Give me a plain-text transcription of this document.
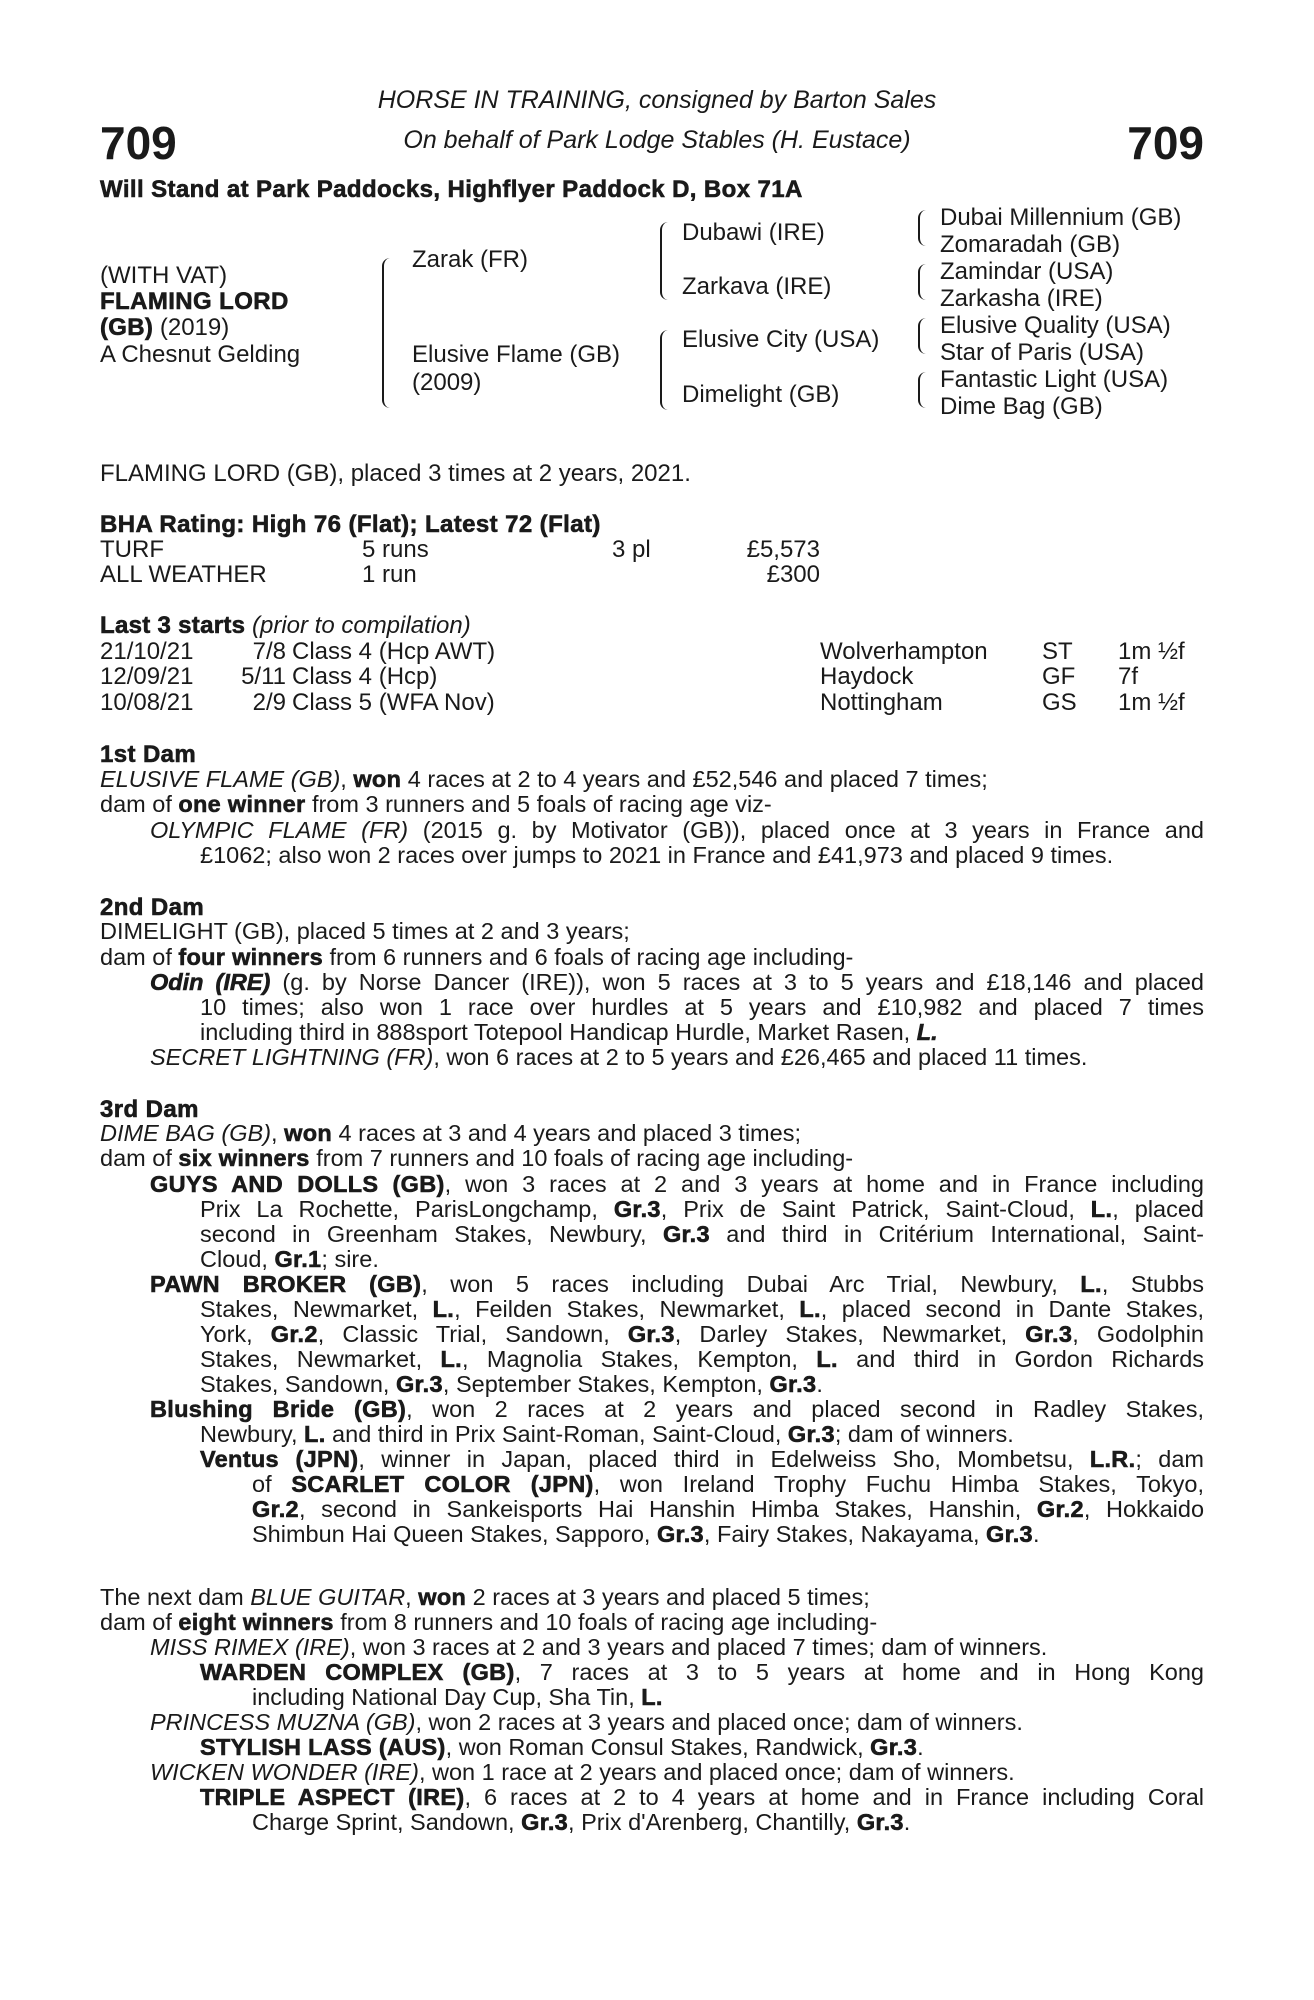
709	709
HORSE IN TRAINING, consigned by Barton Sales
On behalf of Park Lodge Stables (H. Eustace)
Will Stand at Park Paddocks, Highflyer Paddock D, Box 71A
(WITH VAT)
FLAMING LORD
(GB) (2019)
A Chesnut Gelding
Zarak (FR)
Elusive Flame (GB)
(2009)
Dubawi (IRE)
Zarkava (IRE)
Elusive City (USA)
Dimelight (GB)
Dubai Millennium (GB)
Zomaradah (GB)
Zamindar (USA)
Zarkasha (IRE)
Elusive Quality (USA)
Star of Paris (USA)
Fantastic Light (USA)
Dime Bag (GB)
FLAMING LORD (GB), placed 3 times at 2 years, 2021.
BHA Rating: High 76 (Flat); Latest 72 (Flat)
TURF	5 runs	3 pl	£5,573
ALL WEATHER	1 run	£300
Last 3 starts (prior to compilation)
21/10/21 7/8 Class 4 (Hcp AWT)	Wolverhampton ST 1m ½f
12/09/21 5/11 Class 4 (Hcp)	Haydock	GF 7f
10/08/21 2/9 Class 5 (WFA Nov)	Nottingham	GS 1m ½f
1st Dam
ELUSIVE FLAME (GB), won 4 races at 2 to 4 years and £52,546 and placed 7 times;
dam of one winner from 3 runners and 5 foals of racing age viz-
OLYMPIC FLAME (FR) (2015 g. by Motivator (GB)), placed once at 3 years in France and
£1062; also won 2 races over jumps to 2021 in France and £41,973 and placed 9 times.
2nd Dam
DIMELIGHT (GB), placed 5 times at 2 and 3 years;
dam of four winners from 6 runners and 6 foals of racing age including-
Odin (IRE) (g. by Norse Dancer (IRE)), won 5 races at 3 to 5 years and £18,146 and placed
10 times; also won 1 race over hurdles at 5 years and £10,982 and placed 7 times
including third in 888sport Totepool Handicap Hurdle, Market Rasen, L.
SECRET LIGHTNING (FR), won 6 races at 2 to 5 years and £26,465 and placed 11 times.
3rd Dam
DIME BAG (GB), won 4 races at 3 and 4 years and placed 3 times;
dam of six winners from 7 runners and 10 foals of racing age including-
GUYS AND DOLLS (GB), won 3 races at 2 and 3 years at home and in France including
Prix La Rochette, ParisLongchamp, Gr.3, Prix de Saint Patrick, Saint-Cloud, L., placed
second in Greenham Stakes, Newbury, Gr.3 and third in Critérium International, Saint-
Cloud, Gr.1; sire.
PAWN BROKER (GB), won 5 races including Dubai Arc Trial, Newbury, L., Stubbs
Stakes, Newmarket, L., Feilden Stakes, Newmarket, L., placed second in Dante Stakes,
York, Gr.2, Classic Trial, Sandown, Gr.3, Darley Stakes, Newmarket, Gr.3, Godolphin
Stakes, Newmarket, L., Magnolia Stakes, Kempton, L. and third in Gordon Richards
Stakes, Sandown, Gr.3, September Stakes, Kempton, Gr.3.
Blushing Bride (GB), won 2 races at 2 years and placed second in Radley Stakes,
Newbury, L. and third in Prix Saint-Roman, Saint-Cloud, Gr.3; dam of winners.
Ventus (JPN), winner in Japan, placed third in Edelweiss Sho, Mombetsu, L.R.; dam
of SCARLET COLOR (JPN), won Ireland Trophy Fuchu Himba Stakes, Tokyo,
Gr.2, second in Sankeisports Hai Hanshin Himba Stakes, Hanshin, Gr.2, Hokkaido
Shimbun Hai Queen Stakes, Sapporo, Gr.3, Fairy Stakes, Nakayama, Gr.3.
The next dam BLUE GUITAR, won 2 races at 3 years and placed 5 times;
dam of eight winners from 8 runners and 10 foals of racing age including-
MISS RIMEX (IRE), won 3 races at 2 and 3 years and placed 7 times; dam of winners.
WARDEN COMPLEX (GB), 7 races at 3 to 5 years at home and in Hong Kong
including National Day Cup, Sha Tin, L.
PRINCESS MUZNA (GB), won 2 races at 3 years and placed once; dam of winners.
STYLISH LASS (AUS), won Roman Consul Stakes, Randwick, Gr.3.
WICKEN WONDER (IRE), won 1 race at 2 years and placed once; dam of winners.
TRIPLE ASPECT (IRE), 6 races at 2 to 4 years at home and in France including Coral
Charge Sprint, Sandown, Gr.3, Prix d'Arenberg, Chantilly, Gr.3.
